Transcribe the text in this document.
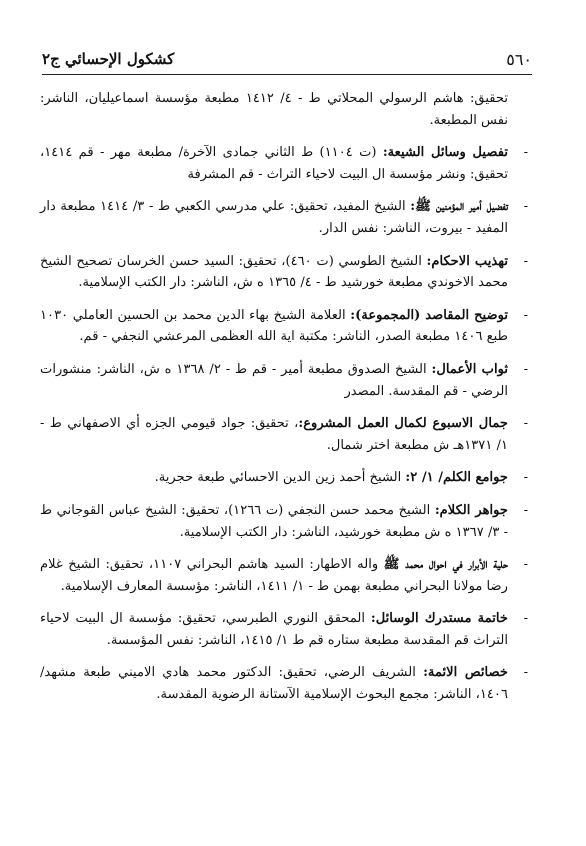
٥٦٠
كشكول الإحسائي ج٢
تحقيق: هاشم الرسولي المحلاتي ط - ٤/ ١٤١٢ مطبعة مؤسسة اسماعيليان، الناشر: نفس المطبعة.
-
تفصيل وسائل الشيعة: (ت ١١٠٤) ط الثاني جمادى الآخرة/ مطبعة مهر - قم ١٤١٤، تحقيق: ونشر مؤسسة ال البيت لاحياء التراث - قم المشرفة
-
تفضيل أمير المؤمنين ﷺ: الشيخ المفيد، تحقيق: علي مدرسي الكعبي ط - ٣/ ١٤١٤ مطبعة دار المفيد - بيروت، الناشر: نفس الدار.
-
تهذيب الاحكام: الشيخ الطوسي (ت ٤٦٠)، تحقيق: السيد حسن الخرسان تصحيح الشيخ محمد الاخوندي مطبعة خورشيد ط - ٤/ ١٣٦٥ ه ش، الناشر: دار الكتب الإسلامية.
-
توضيح المقاصد (المجموعة): العلامة الشيخ بهاء الدين محمد بن الحسين العاملي ١٠٣٠ طبع ١٤٠٦ مطبعة الصدر، الناشر: مكتبة اية الله العظمى المرعشي النجفي - قم.
-
ثواب الأعمال: الشيخ الصدوق مطبعة أمير - قم ط - ٢/ ١٣٦٨ ه ش، الناشر: منشورات الرضي - قم المقدسة. المصدر
-
جمال الاسبوع لكمال العمل المشروع:، تحقيق: جواد قيومي الجزه أي الاصفهاني ط - ١/ ١٣٧١هـ ش مطبعة اختر شمال.
-
جوامع الكلم/ ١/ ٢: الشيخ أحمد زين الدين الاحسائي طبعة حجرية.
-
جواهر الكلام: الشيخ محمد حسن النجفي (ت ١٢٦٦)، تحقيق: الشيخ عباس القوجاني ط - ٣/ ١٣٦٧ ه ش مطبعة خورشيد، الناشر: دار الكتب الإسلامية.
-
حلية الأبرار في احوال محمد ﷺ واله الاطهار: السيد هاشم البحراني ١١٠٧، تحقيق: الشيخ غلام رضا مولانا البحراني مطبعة بهمن ط - ١/ ١٤١١، الناشر: مؤسسة المعارف الإسلامية.
-
خاتمة مستدرك الوسائل: المحقق النوري الطبرسي، تحقيق: مؤسسة ال البيت لاحياء التراث قم المقدسة مطبعة ستاره قم ط ١/ ١٤١٥، الناشر: نفس المؤسسة.
-
خصائص الائمة: الشريف الرضي، تحقيق: الدكتور محمد هادي الاميني طبعة مشهد/ ١٤٠٦، الناشر: مجمع البحوث الإسلامية الآستانة الرضوية المقدسة.
